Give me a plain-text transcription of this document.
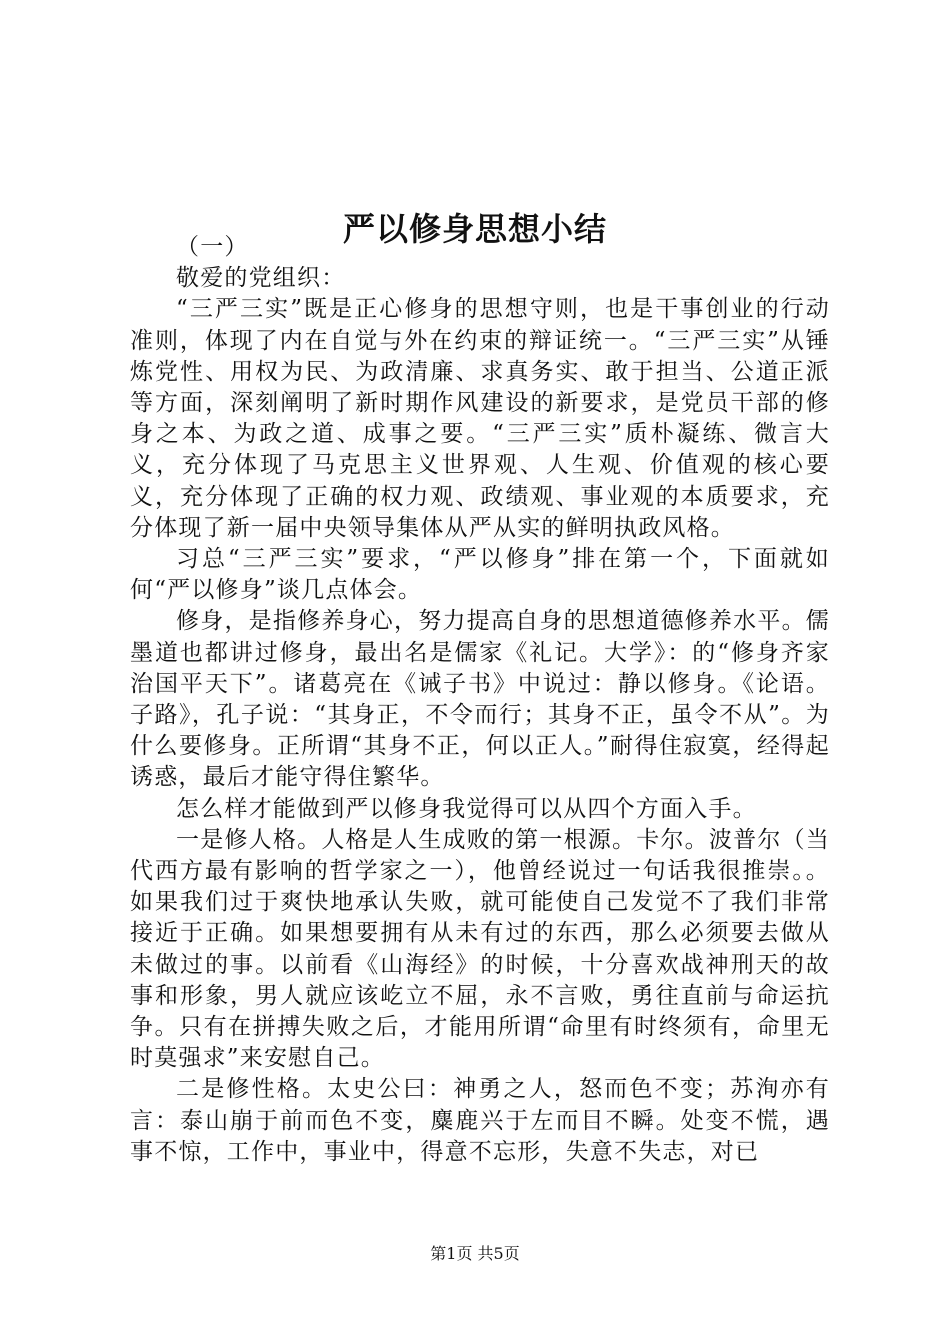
严以修身思想小结

（一）

敬爱的党组织：

“三严三实”既是正心修身的思想守则，也是干事创业的行动准则，体现了内在自觉与外在约束的辩证统一。“三严三实”从锤炼党性、用权为民、为政清廉、求真务实、敢于担当、公道正派等方面，深刻阐明了新时期作风建设的新要求，是党员干部的修身之本、为政之道、成事之要。“三严三实”质朴凝练、微言大义，充分体现了马克思主义世界观、人生观、价值观的核心要义，充分体现了正确的权力观、政绩观、事业观的本质要求，充分体现了新一届中央领导集体从严从实的鲜明执政风格。

习总“三严三实”要求，“严以修身”排在第一个，下面就如何“严以修身”谈几点体会。

修身，是指修养身心，努力提高自身的思想道德修养水平。儒墨道也都讲过修身，最出名是儒家《礼记。大学》：的“修身齐家治国平天下”。诸葛亮在《诫子书》中说过：静以修身。《论语。子路》，孔子说：“其身正，不令而行；其身不正，虽令不从”。为什么要修身。正所谓“其身不正，何以正人。”耐得住寂寞，经得起诱惑，最后才能守得住繁华。

怎么样才能做到严以修身我觉得可以从四个方面入手。

一是修人格。人格是人生成败的第一根源。卡尔。波普尔（当代西方最有影响的哲学家之一），他曾经说过一句话我很推崇。。如果我们过于爽快地承认失败，就可能使自己发觉不了我们非常接近于正确。如果想要拥有从未有过的东西，那么必须要去做从未做过的事。以前看《山海经》的时候，十分喜欢战神刑天的故事和形象，男人就应该屹立不屈，永不言败，勇往直前与命运抗争。只有在拼搏失败之后，才能用所谓“命里有时终须有，命里无时莫强求”来安慰自己。

二是修性格。太史公曰：神勇之人，怒而色不变；苏洵亦有言：泰山崩于前而色不变，麋鹿兴于左而目不瞬。处变不慌，遇事不惊，工作中，事业中，得意不忘形，失意不失志，对已

第1页 共5页
